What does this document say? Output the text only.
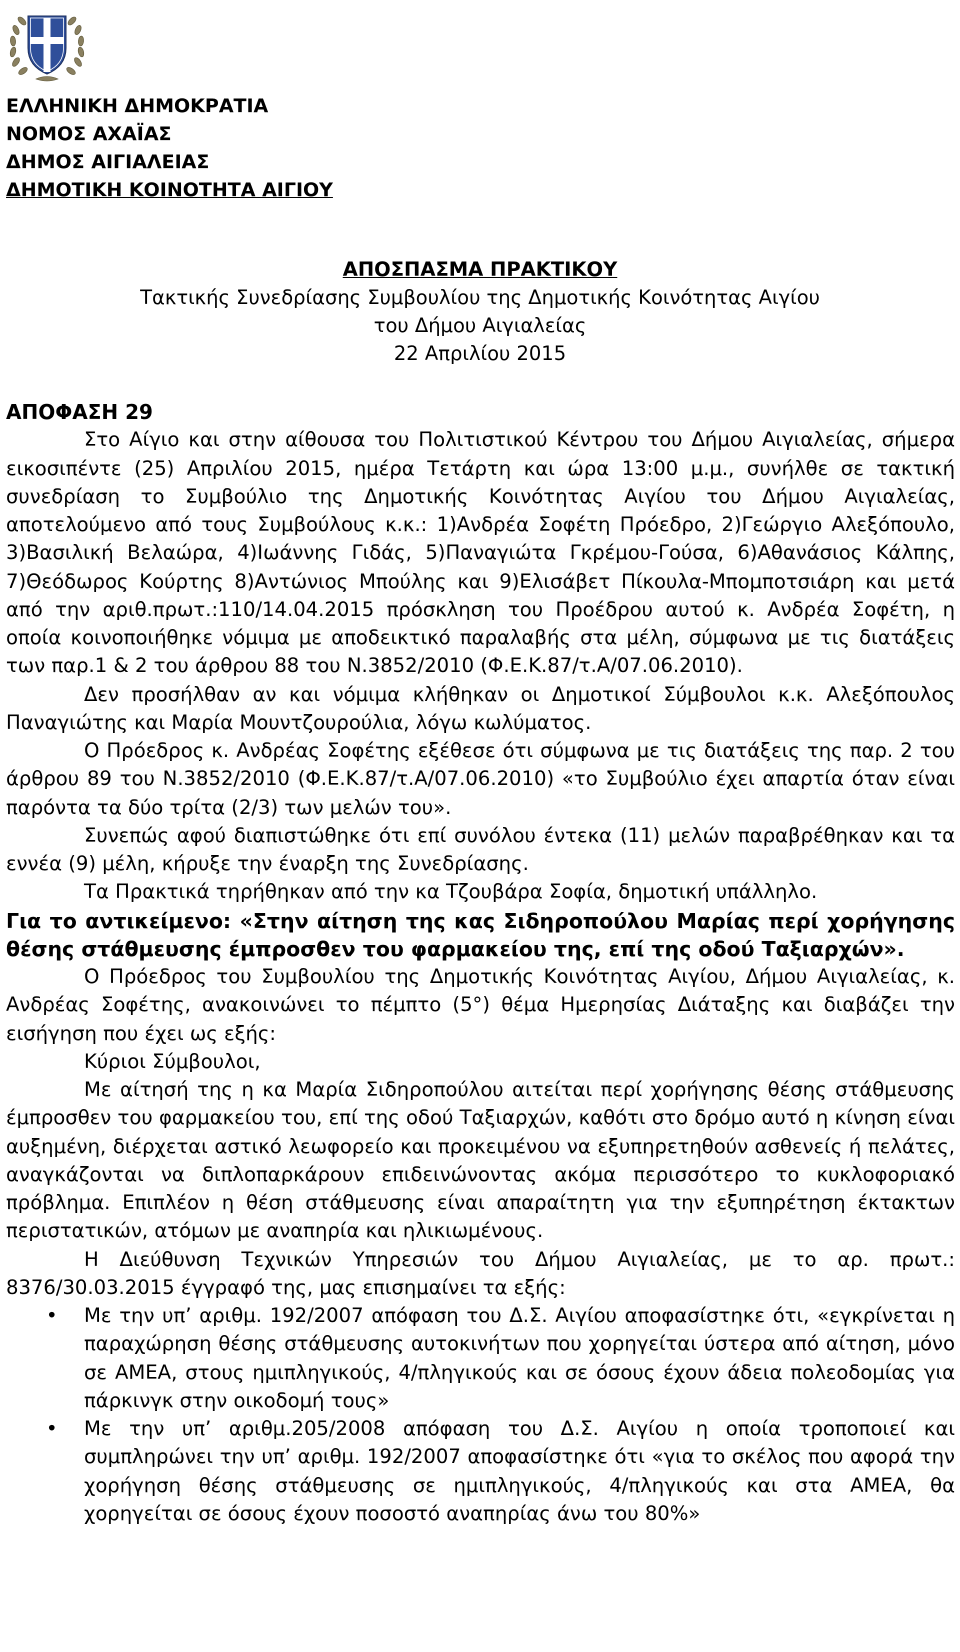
ΕΛΛΗΝΙΚΗ ΔΗΜΟΚΡΑΤΙΑ
ΝΟΜΟΣ ΑΧΑΪΑΣ
ΔΗΜΟΣ ΑΙΓΙΑΛΕΙΑΣ
ΔΗΜΟΤΙΚΗ ΚΟΙΝΟΤΗΤΑ ΑΙΓΙΟΥ
ΑΠΟΣΠΑΣΜΑ ΠΡΑΚΤΙΚΟΥ
Τακτικής Συνεδρίασης Συμβουλίου της Δημοτικής Κοινότητας Αιγίου
του Δήμου Αιγιαλείας
22 Απριλίου 2015

ΑΠΟΦΑΣΗ 29

Στο Αίγιο και στην αίθουσα του Πολιτιστικού Κέντρου του Δήμου Αιγιαλείας, σήμερα εικοσιπέντε (25) Απριλίου 2015, ημέρα Τετάρτη και ώρα 13:00 μ.μ., συνήλθε σε τακτική συνεδρίαση το Συμβούλιο της Δημοτικής Κοινότητας Αιγίου του Δήμου Αιγιαλείας, αποτελούμενο από τους Συμβούλους κ.κ.: 1)Ανδρέα Σοφέτη Πρόεδρο, 2)Γεώργιο Αλεξόπουλο, 3)Βασιλική Βελαώρα, 4)Ιωάννης Γιδάς, 5)Παναγιώτα Γκρέμου-Γούσα, 6)Αθανάσιος Κάλπης, 7)Θεόδωρος Κούρτης 8)Αντώνιος Μπούλης και 9)Ελισάβετ Πίκουλα-Μπομποτσιάρη και μετά από την αριθ.πρωτ.:110/14.04.2015 πρόσκληση του Προέδρου αυτού κ. Ανδρέα Σοφέτη, η οποία κοινοποιήθηκε νόμιμα με αποδεικτικό παραλαβής στα μέλη, σύμφωνα με τις διατάξεις των παρ.1 & 2 του άρθρου 88 του Ν.3852/2010 (Φ.Ε.Κ.87/τ.Α/07.06.2010).

Δεν προσήλθαν αν και νόμιμα κλήθηκαν οι Δημοτικοί Σύμβουλοι κ.κ. Αλεξόπουλος Παναγιώτης και Μαρία Μουντζουρούλια, λόγω κωλύματος.

Ο Πρόεδρος κ. Ανδρέας Σοφέτης εξέθεσε ότι σύμφωνα με τις διατάξεις της παρ. 2 του άρθρου 89 του Ν.3852/2010 (Φ.Ε.Κ.87/τ.Α/07.06.2010) «το Συμβούλιο έχει απαρτία όταν είναι παρόντα τα δύο τρίτα (2/3) των μελών του».

Συνεπώς αφού διαπιστώθηκε ότι επί συνόλου έντεκα (11) μελών παραβρέθηκαν και τα εννέα (9) μέλη, κήρυξε την έναρξη της Συνεδρίασης.

Τα Πρακτικά τηρήθηκαν από την κα Τζουβάρα Σοφία, δημοτική υπάλληλο.

Για το αντικείμενο: «Στην αίτηση της κας Σιδηροπούλου Μαρίας περί χορήγησης θέσης στάθμευσης έμπροσθεν του φαρμακείου της, επί της οδού Ταξιαρχών».

Ο Πρόεδρος του Συμβουλίου της Δημοτικής Κοινότητας Αιγίου, Δήμου Αιγιαλείας, κ. Ανδρέας Σοφέτης, ανακοινώνει το πέμπτο (5°) θέμα Ημερησίας Διάταξης και διαβάζει την εισήγηση που έχει ως εξής:

Κύριοι Σύμβουλοι,

Με αίτησή της η κα Μαρία Σιδηροπούλου αιτείται περί χορήγησης θέσης στάθμευσης έμπροσθεν του φαρμακείου του, επί της οδού Ταξιαρχών, καθότι στο δρόμο αυτό η κίνηση είναι αυξημένη, διέρχεται αστικό λεωφορείο και προκειμένου να εξυπηρετηθούν ασθενείς ή πελάτες, αναγκάζονται να διπλοπαρκάρουν επιδεινώνοντας ακόμα περισσότερο το κυκλοφοριακό πρόβλημα. Επιπλέον η θέση στάθμευσης είναι απαραίτητη για την εξυπηρέτηση έκτακτων περιστατικών, ατόμων με αναπηρία και ηλικιωμένους.

Η Διεύθυνση Τεχνικών Υπηρεσιών του Δήμου Αιγιαλείας, με το αρ. πρωτ.: 8376/30.03.2015 έγγραφό της, μας επισημαίνει τα εξής:

• Με την υπ’ αριθμ. 192/2007 απόφαση του Δ.Σ. Αιγίου αποφασίστηκε ότι, «εγκρίνεται η παραχώρηση θέσης στάθμευσης αυτοκινήτων που χορηγείται ύστερα από αίτηση, μόνο σε ΑΜΕΑ, στους ημιπληγικούς, 4/πληγικούς και σε όσους έχουν άδεια πολεοδομίας για πάρκινγκ στην οικοδομή τους»
• Με την υπ’ αριθμ.205/2008 απόφαση του Δ.Σ. Αιγίου η οποία τροποποιεί και συμπληρώνει την υπ’ αριθμ. 192/2007 αποφασίστηκε ότι «για το σκέλος που αφορά την χορήγηση θέσης στάθμευσης σε ημιπληγικούς, 4/πληγικούς και στα ΑΜΕΑ, θα χορηγείται σε όσους έχουν ποσοστό αναπηρίας άνω του 80%»
